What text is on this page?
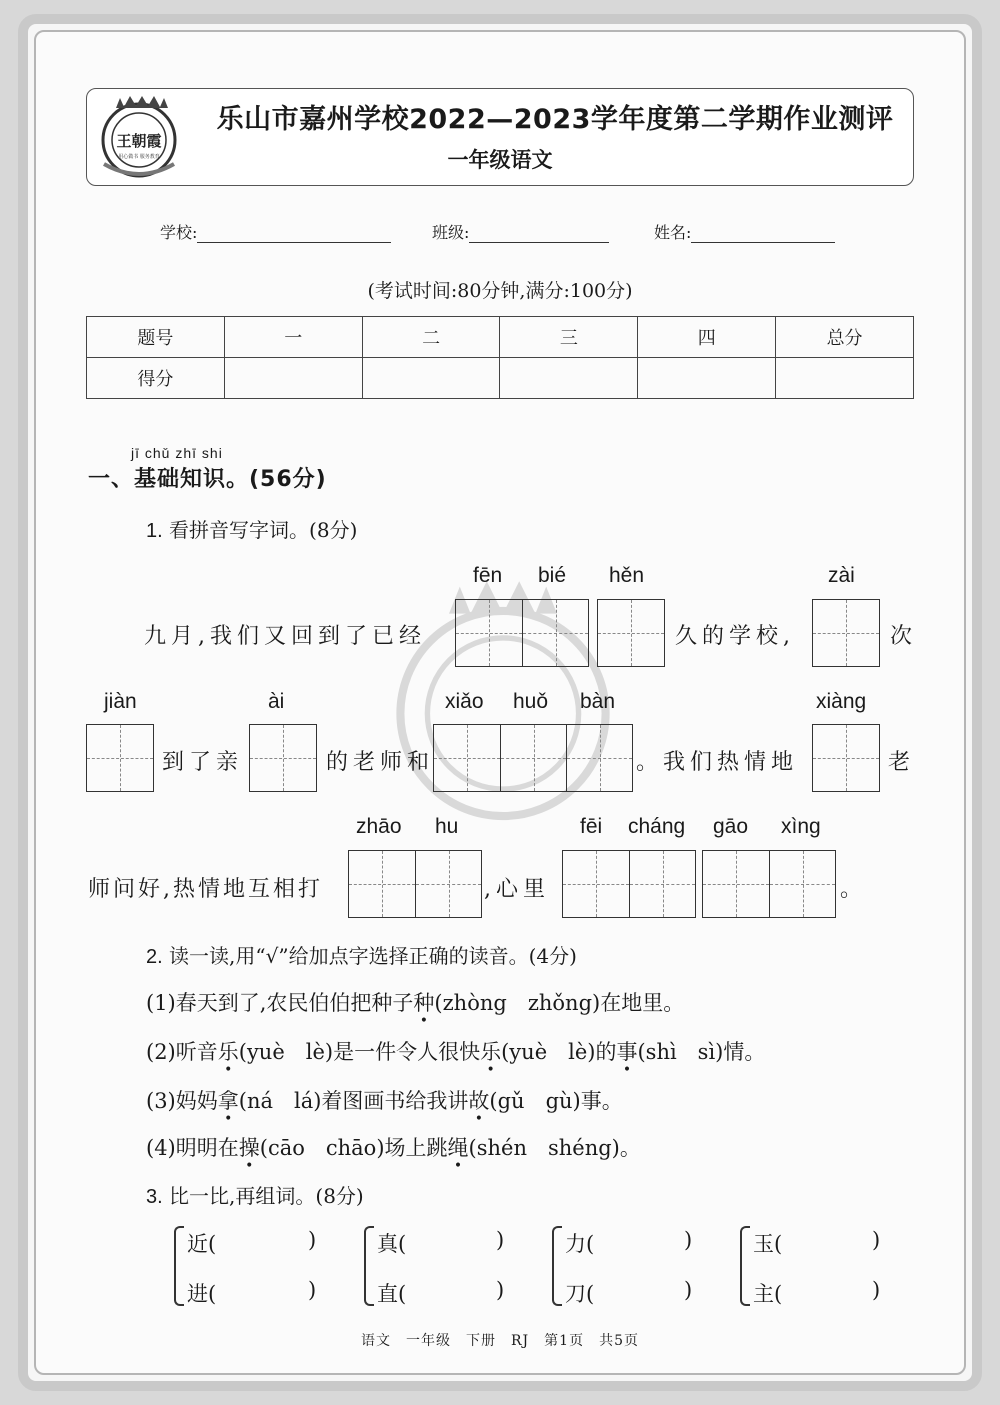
王朝霞
用心做书 服务教育
乐山市嘉州学校2022—2023学年度第二学期作业测评
一年级语文
学校:	班级:	姓名:
(考试时间:80分钟,满分:100分)
题号	一	二	三	四	总分
得分					
jī chǔ zhī shi
一、基础知识。(56分)
1. 看拼音写字词。(8分)
fēn bié hěn	zài
九月,我们又回到了已经	久的学校,	次
jiàn	ài	xiǎo huǒ bàn	xiàng
到了亲	的老师和	。我们热情地	老
zhāo hu	fēi cháng gāo xìng
师问好,热情地互相打	,心里	。
2. 读一读,用“√”给加点字选择正确的读音。(4分)
(1)春天到了,农民伯伯把种子种(zhòng　zhǒng)在地里。
(2)听音乐(yuè　lè)是一件令人很快乐(yuè　lè)的事(shì　sì)情。
(3)妈妈拿(ná　lá)着图画书给我讲故(gǔ　gù)事。
(4)明明在操(cāo　chāo)场上跳绳(shén　shéng)。
3. 比一比,再组词。(8分)
近(	)
进(	)
真(	)
直(	)
力(	)
刀(	)
玉(	)
主(	)
语文　一年级　下册　RJ　第1页　共5页
